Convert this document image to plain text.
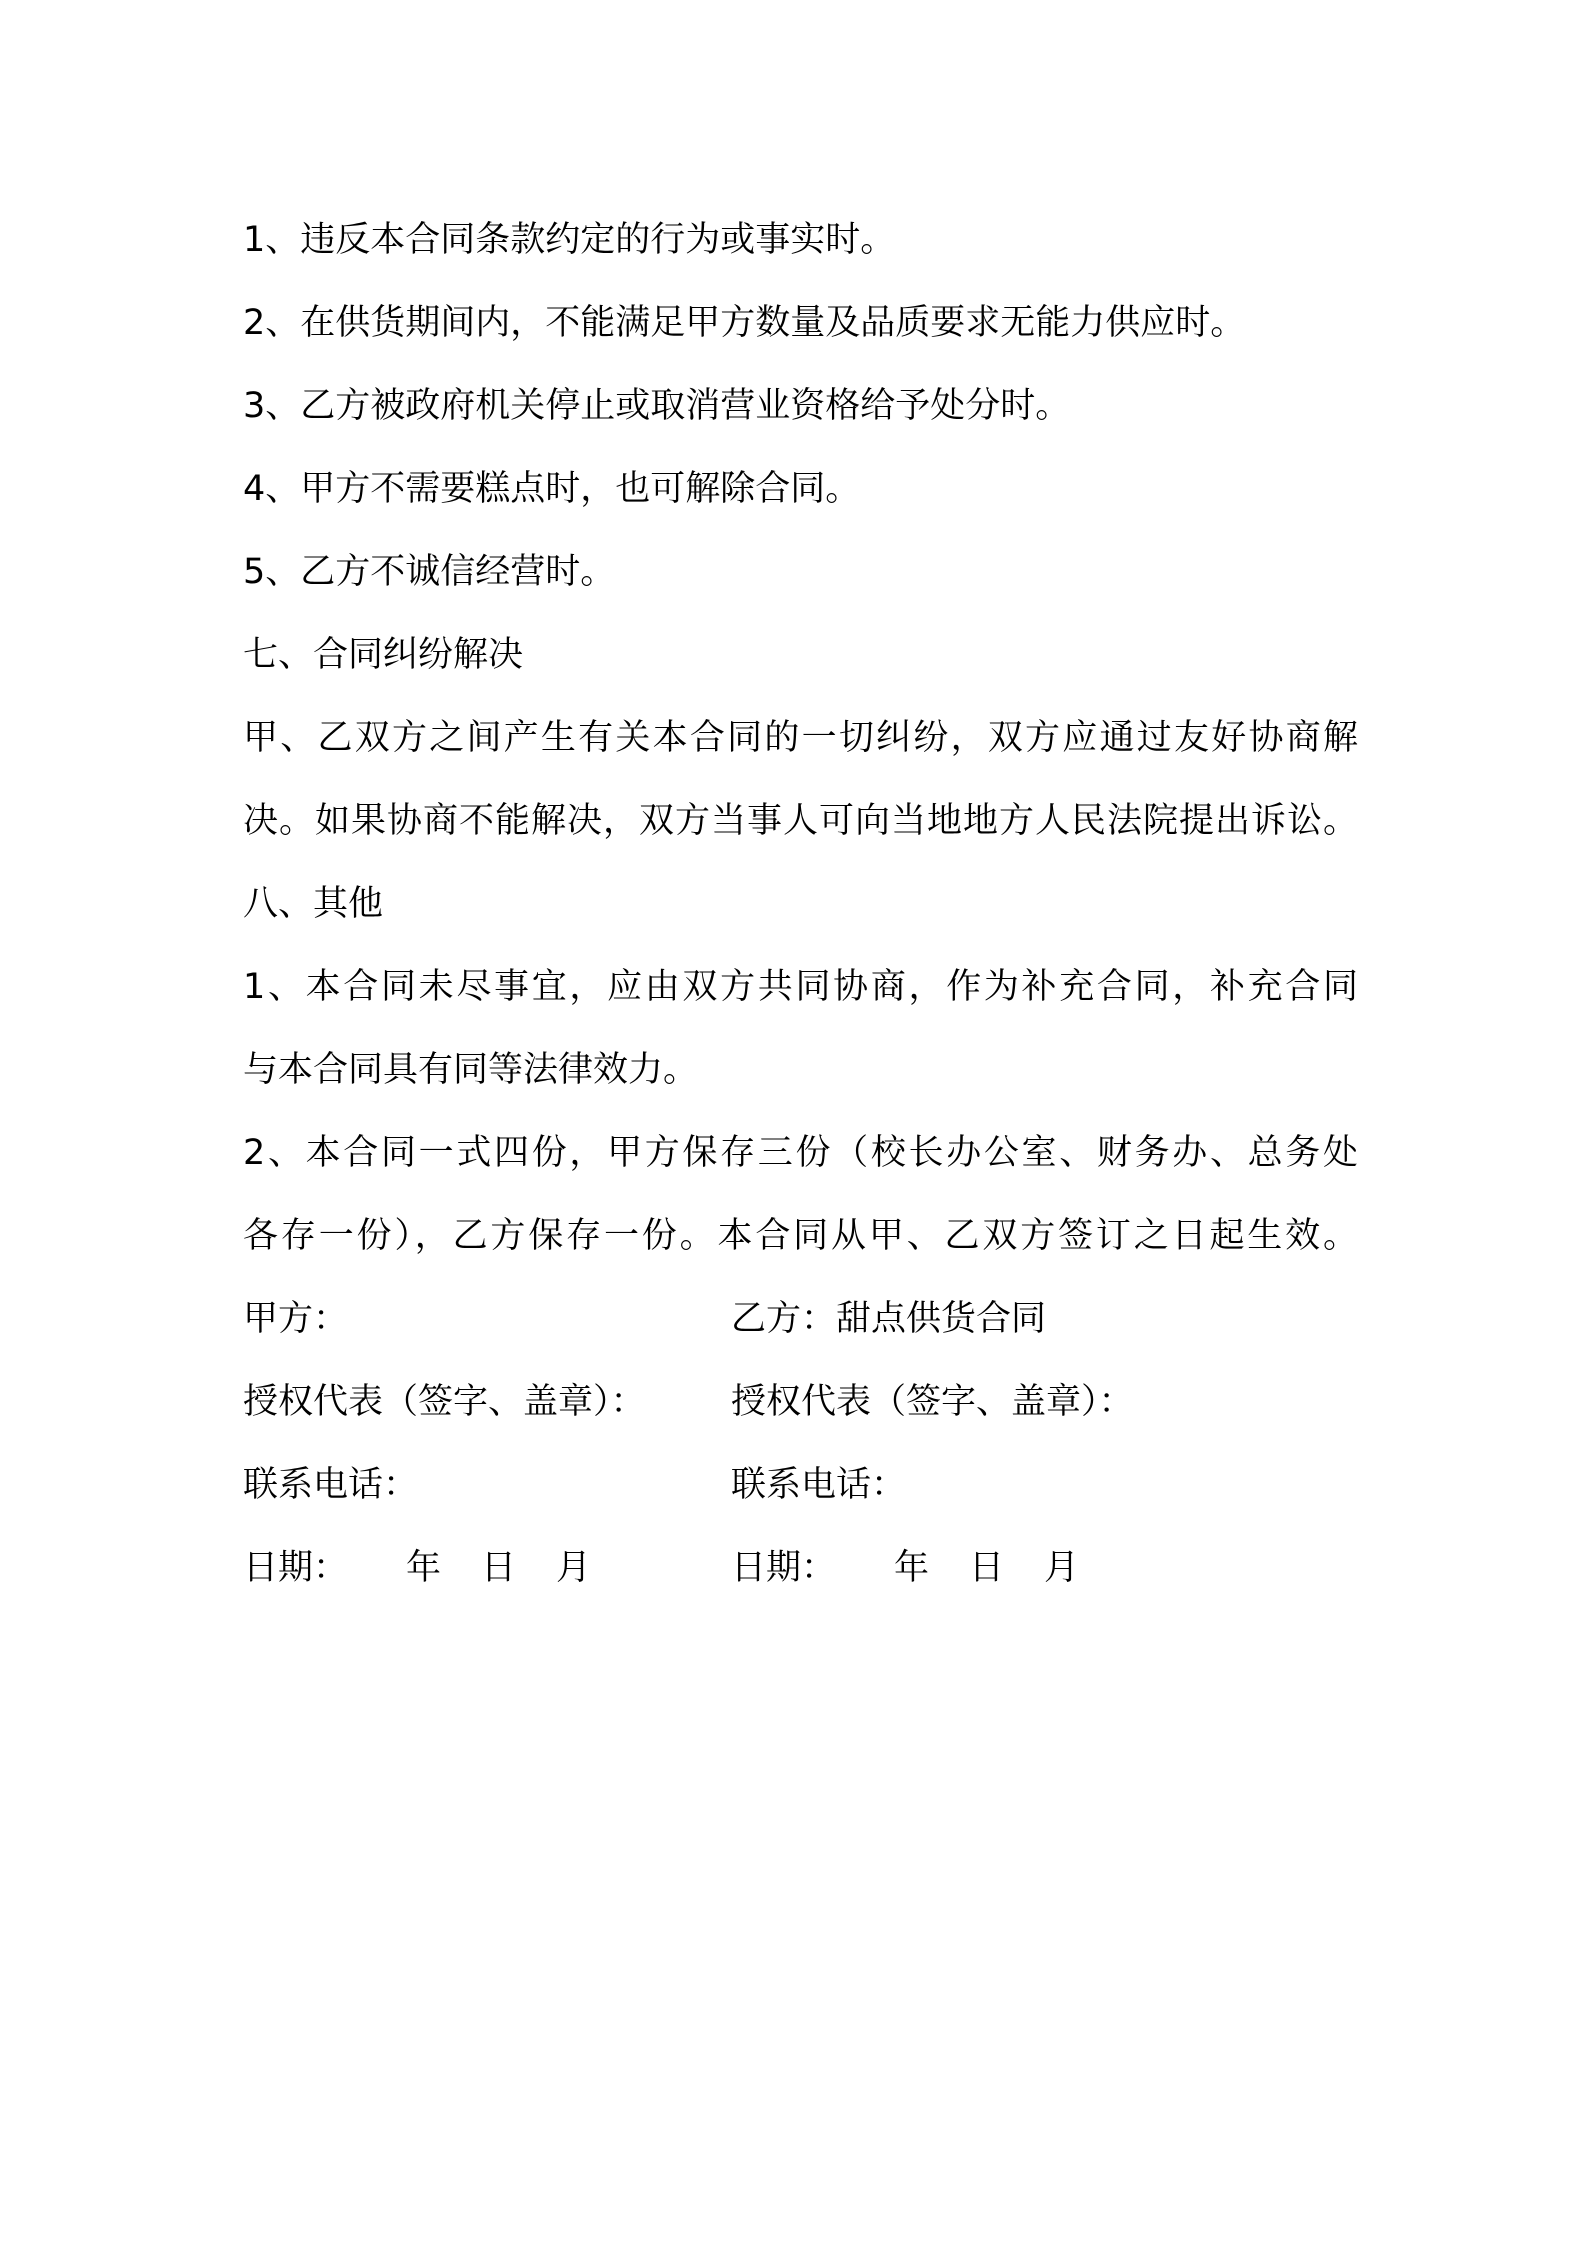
1、违反本合同条款约定的行为或事实时。
2、在供货期间内，不能满足甲方数量及品质要求无能力供应时。
3、乙方被政府机关停止或取消营业资格给予处分时。
4、甲方不需要糕点时，也可解除合同。
5、乙方不诚信经营时。
七、合同纠纷解决
甲、乙双方之间产生有关本合同的一切纠纷，双方应通过友好协商解
决。如果协商不能解决，双方当事人可向当地地方人民法院提出诉讼。
八、其他
1、本合同未尽事宜，应由双方共同协商，作为补充合同，补充合同
与本合同具有同等法律效力。
2、本合同一式四份，甲方保存三份（校长办公室、财务办、总务处
各存一份），乙方保存一份。本合同从甲、乙双方签订之日起生效。
甲方：	乙方：甜点供货合同
授权代表（签字、盖章）： 授权代表（签字、盖章）：
联系电话：	联系电话：
日期： 年 日 月	日期： 年 日 月
